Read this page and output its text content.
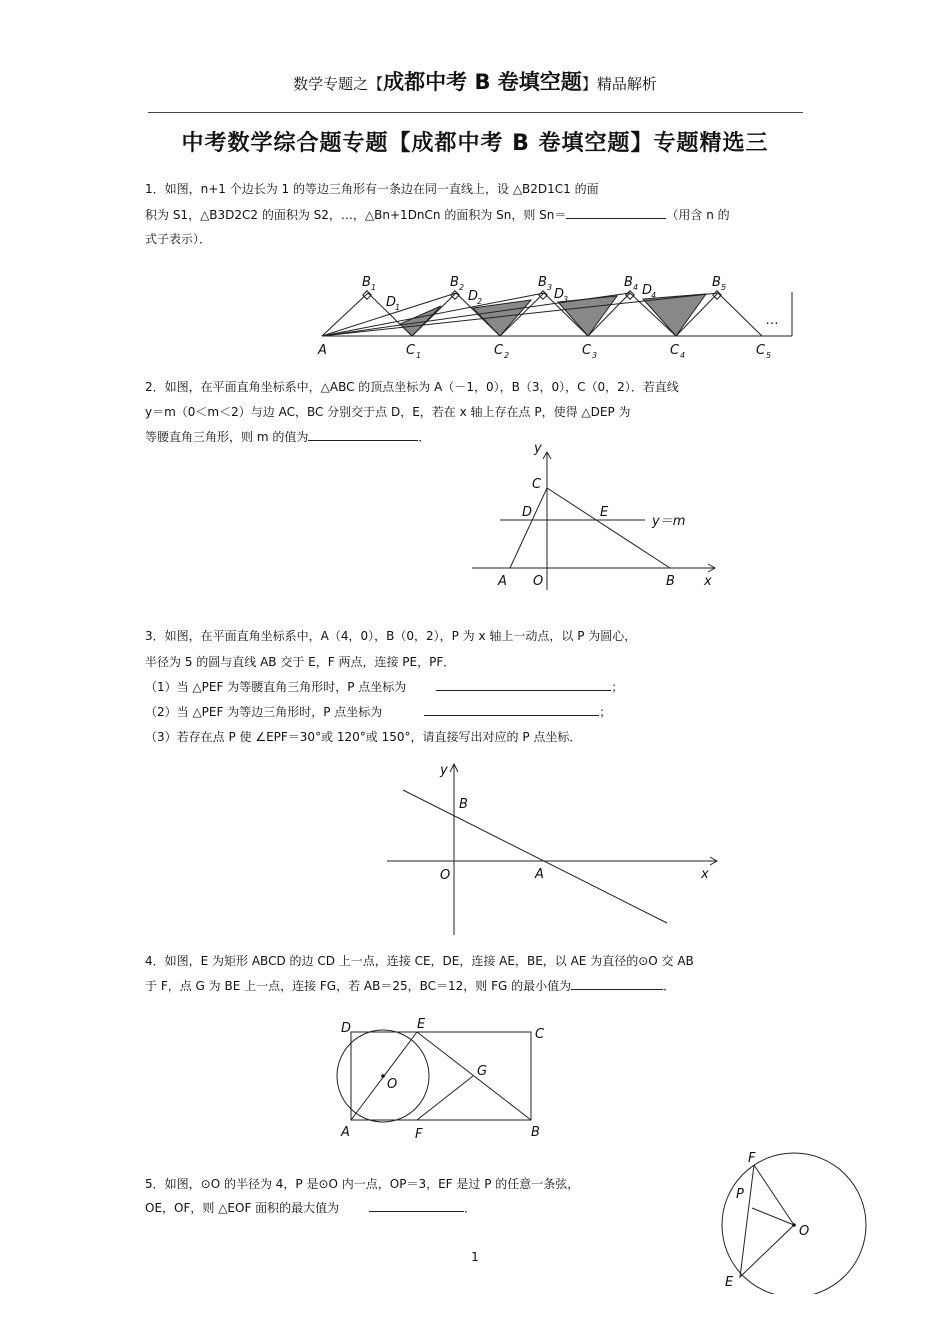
数学专题之【成都中考 B 卷填空题】精品解析
中考数学综合题专题【成都中考 B 卷填空题】专题精选三
1．如图，n+1 个边长为 1 的等边三角形有一条边在同一直线上，设 △B2D1C1 的面
积为 S1，△B3D2C2 的面积为 S2，…，△Bn+1DnCn 的面积为 Sn，则 Sn＝	（用含 n 的
式子表示）．
A
B 1	B 2	B 3	B 4	B 5
D
1
D
2	D
3
D
4
C 1	C 2	C 3	C 4	C 5
…
2．如图，在平面直角坐标系中，△ABC 的顶点坐标为 A（－1，0），B（3，0），C（0，2）．若直线
y＝m（0＜m＜2）与边 AC，BC 分别交于点 D，E，若在 x 轴上存在点 P，使得 △DEP 为
等腰直角三角形，则 m 的值为	．
y
x
C
D	E
y＝m
A O	B
3．如图，在平面直角坐标系中，A（4，0），B（0，2），P 为 x 轴上一动点，以 P 为圆心，
半径为 5 的圆与直线 AB 交于 E，F 两点，连接 PE，PF．
（1）当 △PEF 为等腰直角三角形时，P 点坐标为	；
（2）当 △PEF 为等边三角形时，P 点坐标为	；
（3）若存在点 P 使 ∠EPF＝30°或 120°或 150°，请直接写出对应的 P 点坐标．
y
x
B
O	A
4．如图，E 为矩形 ABCD 的边 CD 上一点，连接 CE，DE，连接 AE，BE，以 AE 为直径的⊙O 交 AB
于 F，点 G 为 BE 上一点，连接 FG，若 AB＝25，BC＝12，则 FG 的最小值为	．
D	E
C
O
G
A	F	B
5．如图，⊙O 的半径为 4，P 是⊙O 内一点，OP＝3，EF 是过 P 的任意一条弦，
OE，OF，则 △EOF 面积的最大值为	．
F
P
O
E
1
